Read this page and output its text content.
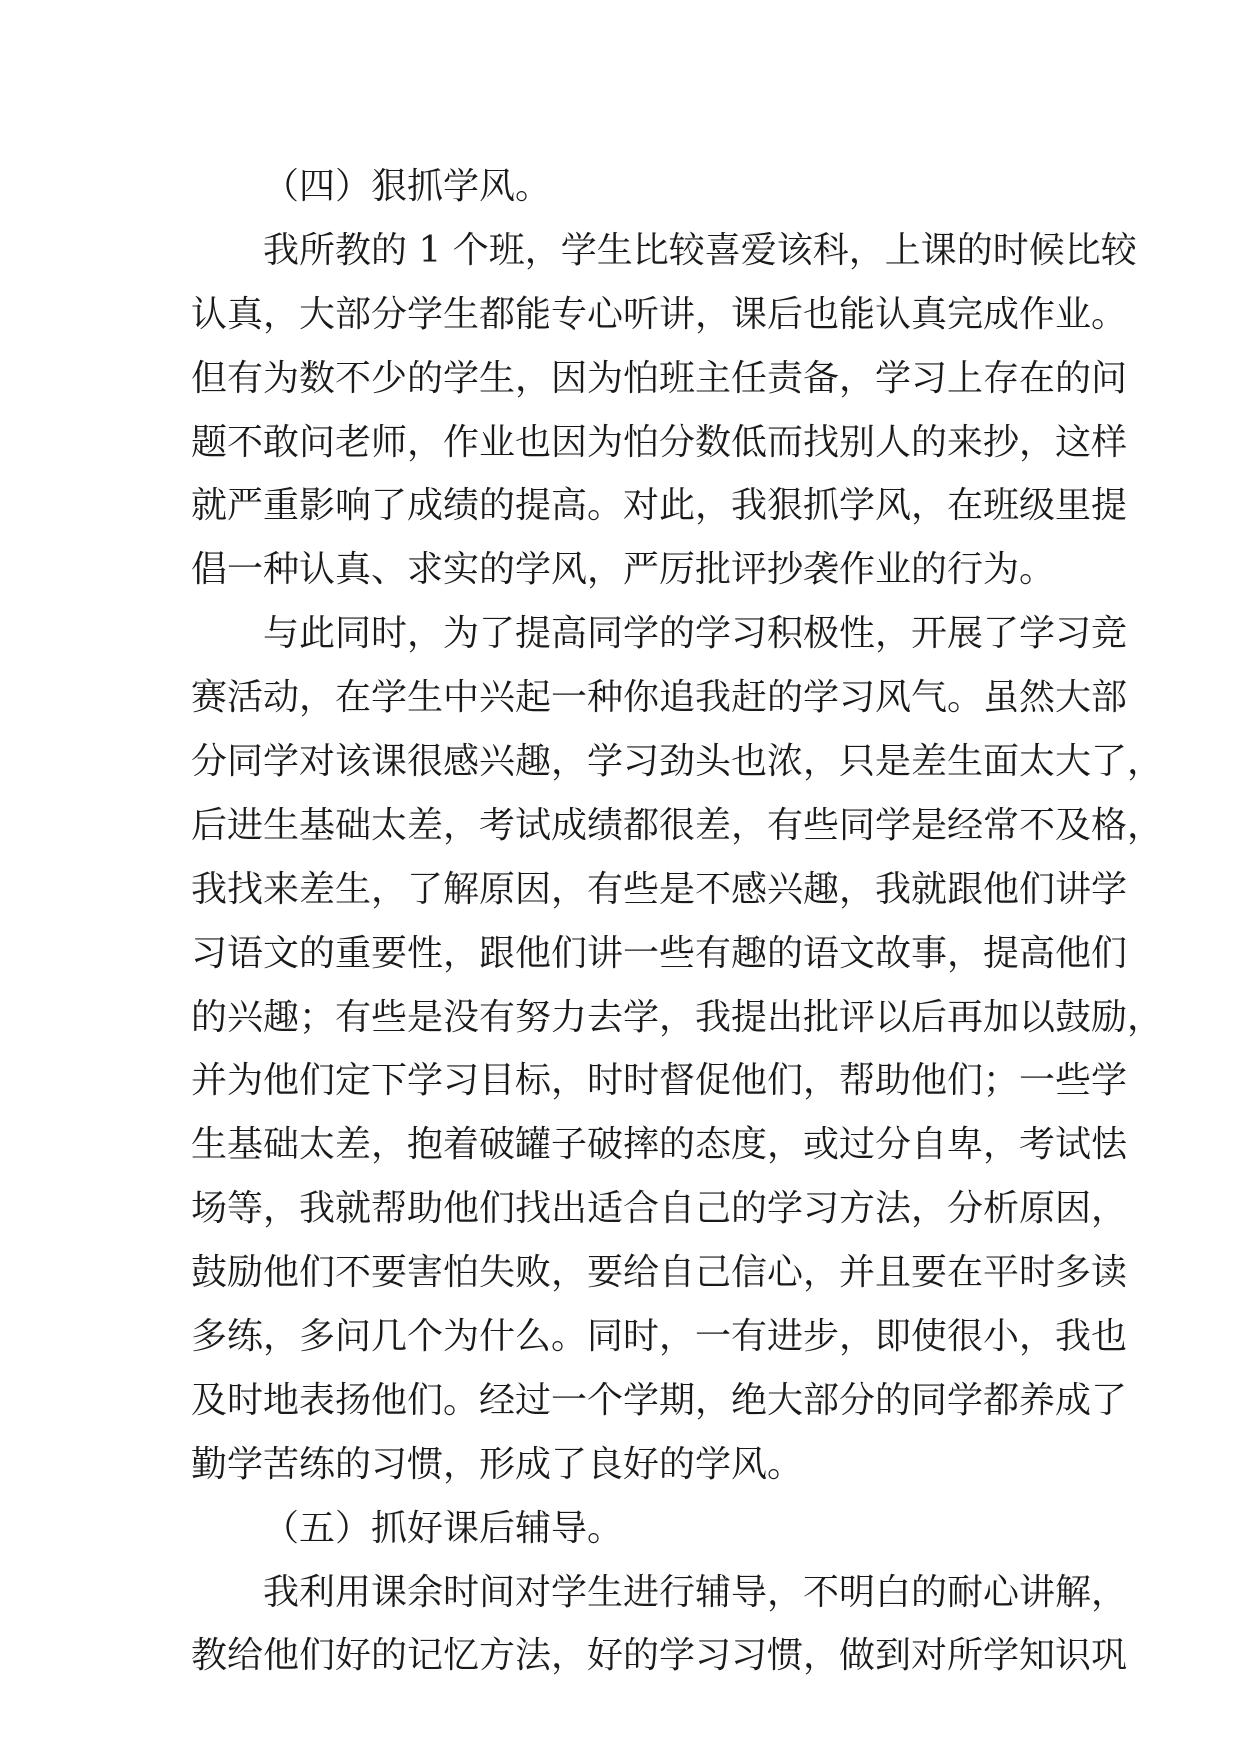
（四）狠抓学风。
我所教的 1 个班，学生比较喜爱该科，上课的时候比较
认真，大部分学生都能专心听讲，课后也能认真完成作业。
但有为数不少的学生，因为怕班主任责备，学习上存在的问
题不敢问老师，作业也因为怕分数低而找别人的来抄，这样
就严重影响了成绩的提高。对此，我狠抓学风，在班级里提
倡一种认真、求实的学风，严厉批评抄袭作业的行为。
与此同时，为了提高同学的学习积极性，开展了学习竞
赛活动，在学生中兴起一种你追我赶的学习风气。虽然大部
分同学对该课很感兴趣，学习劲头也浓，只是差生面太大了，
后进生基础太差，考试成绩都很差，有些同学是经常不及格，
我找来差生，了解原因，有些是不感兴趣，我就跟他们讲学
习语文的重要性，跟他们讲一些有趣的语文故事，提高他们
的兴趣；有些是没有努力去学，我提出批评以后再加以鼓励，
并为他们定下学习目标，时时督促他们，帮助他们；一些学
生基础太差，抱着破罐子破摔的态度，或过分自卑，考试怯
场等，我就帮助他们找出适合自己的学习方法，分析原因，
鼓励他们不要害怕失败，要给自己信心，并且要在平时多读
多练，多问几个为什么。同时，一有进步，即使很小，我也
及时地表扬他们。经过一个学期，绝大部分的同学都养成了
勤学苦练的习惯，形成了良好的学风。
（五）抓好课后辅导。
我利用课余时间对学生进行辅导，不明白的耐心讲解，
教给他们好的记忆方法，好的学习习惯，做到对所学知识巩
